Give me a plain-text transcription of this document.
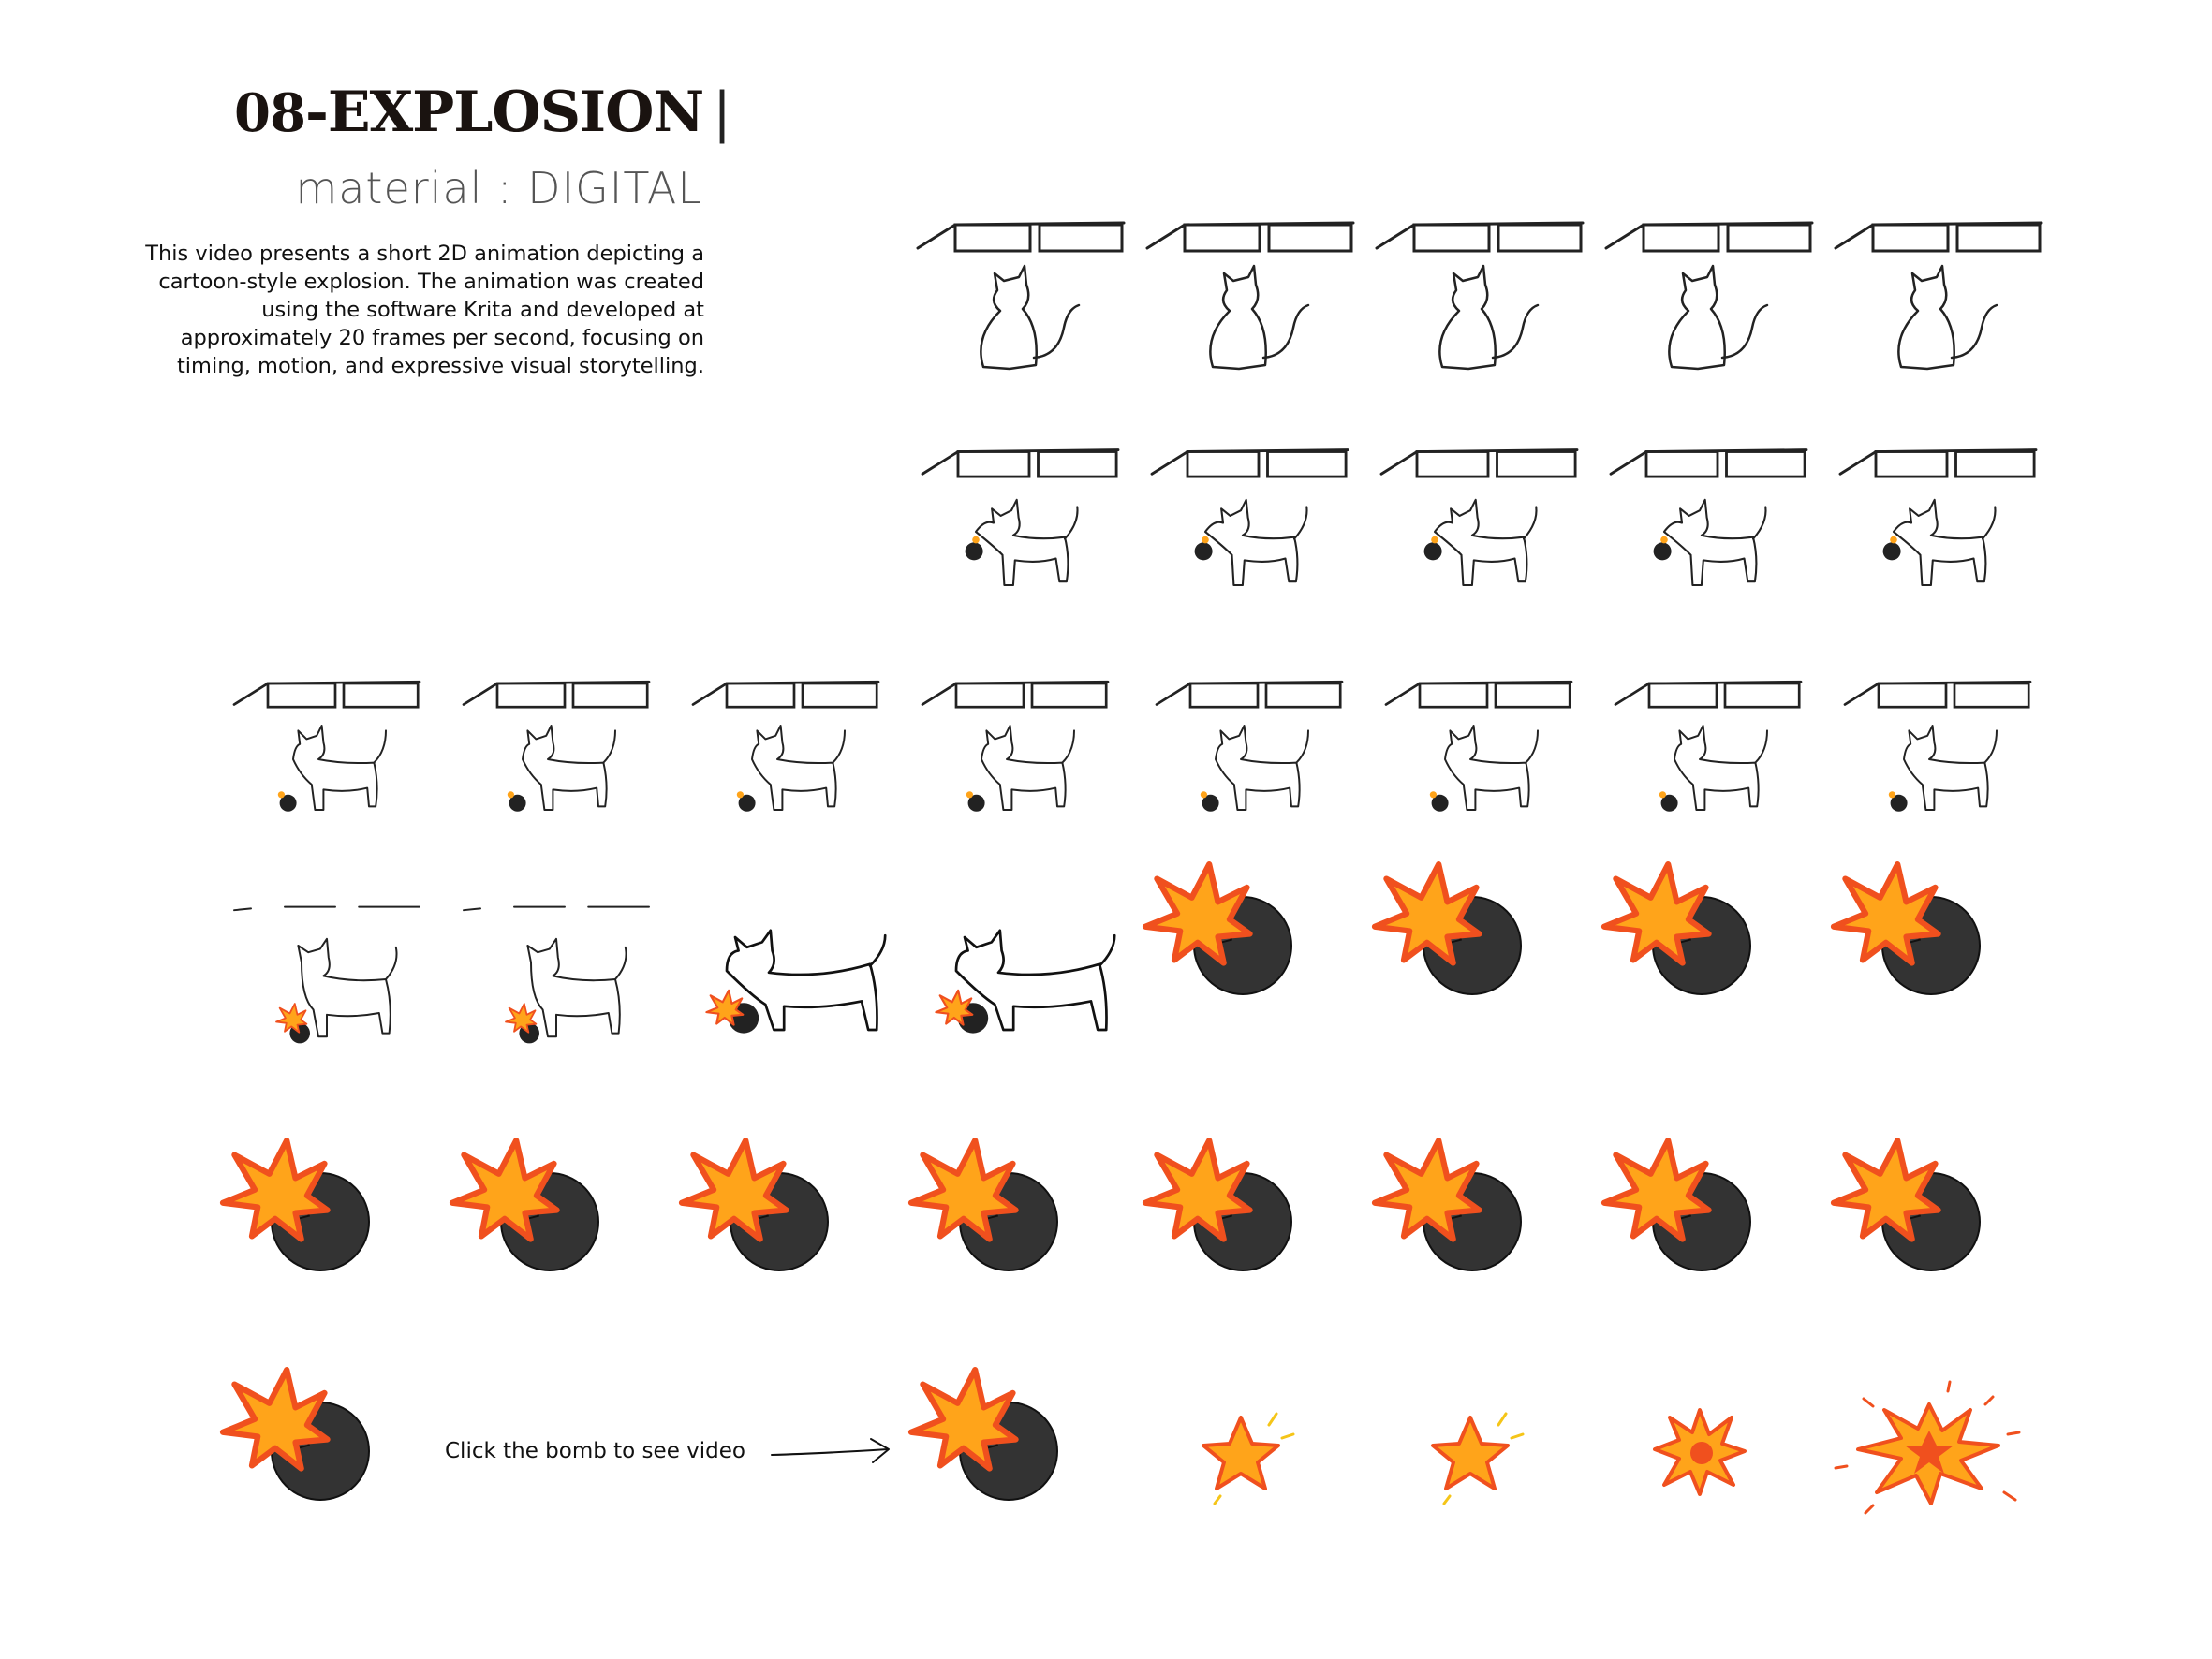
08-EXPLOSION |
material : DIGITAL
This video presents a short 2D animation depicting a cartoon-style explosion. The animation was created using the software Krita and developed at approximately 20 frames per second, focusing on timing, motion, and expressive visual storytelling.
Click the bomb to see video
